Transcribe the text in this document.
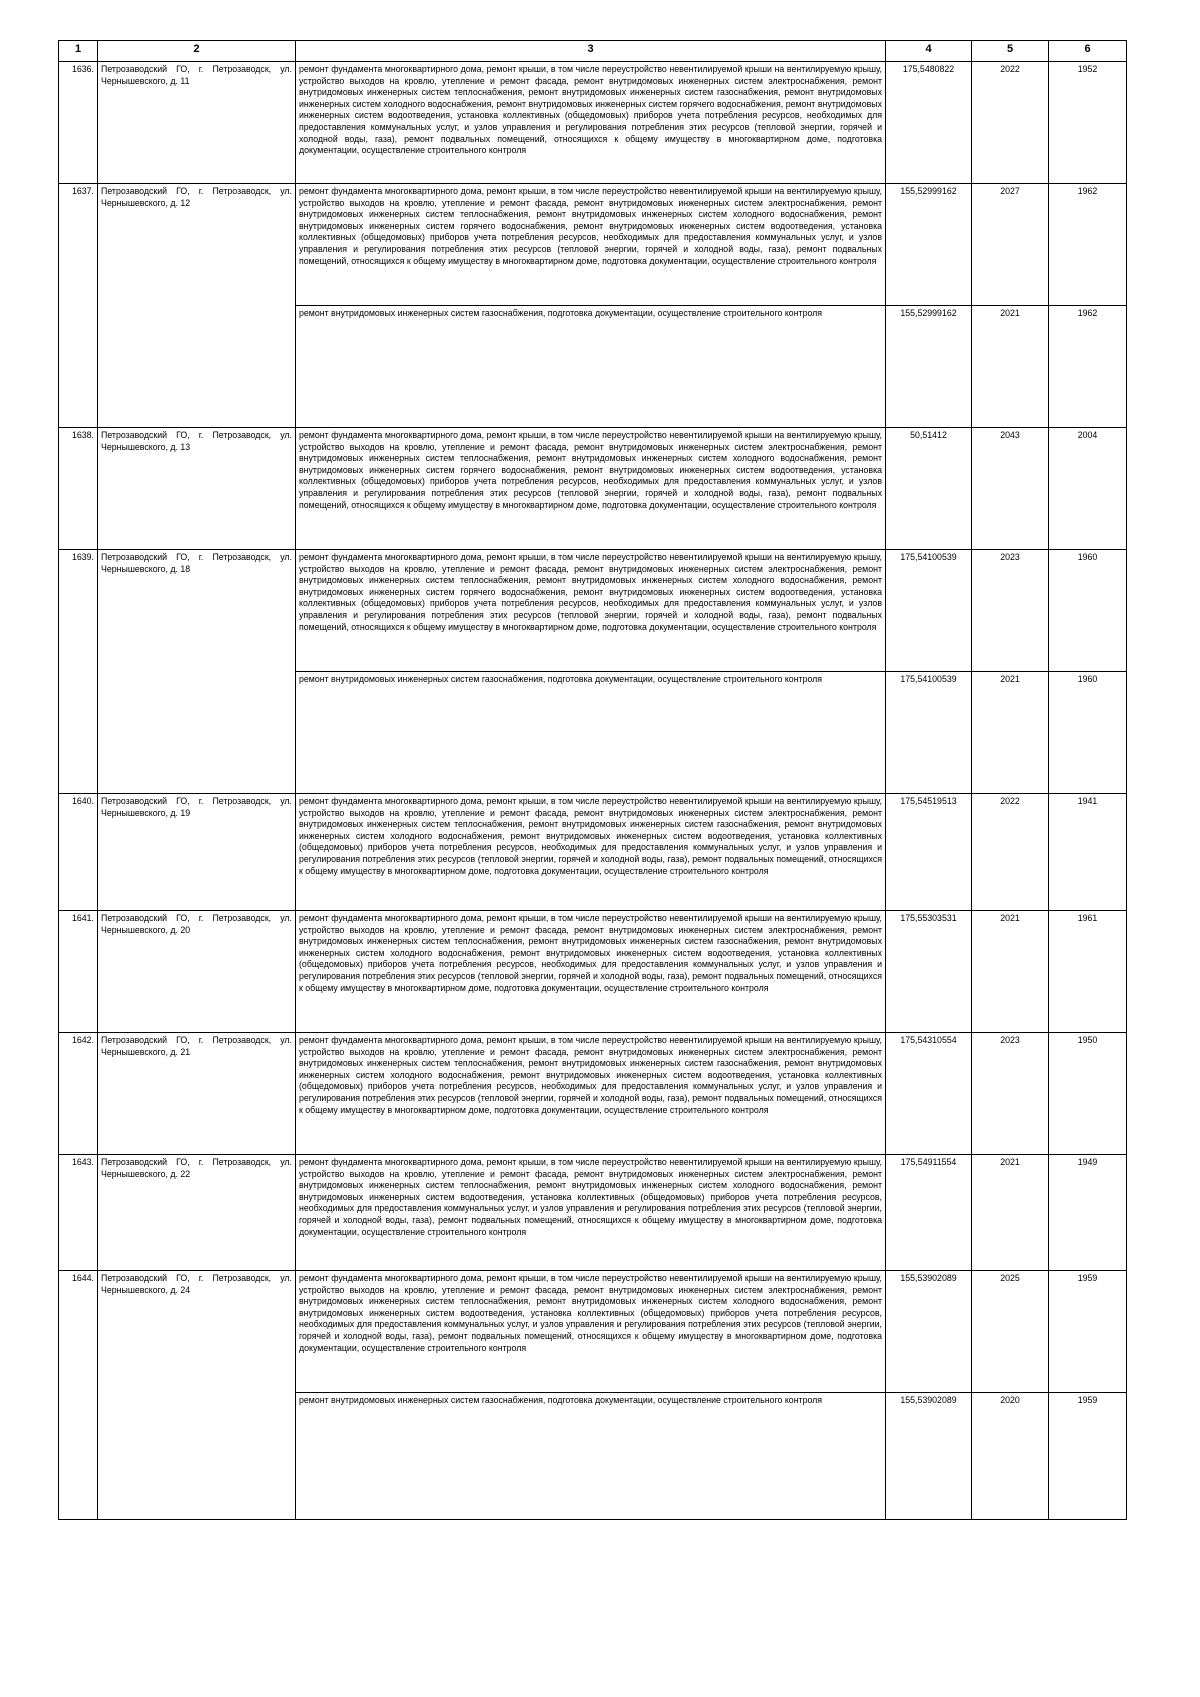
1	2	3	4	5	6
1636.	Петрозаводский ГО, г. Петрозаводск, ул. Чернышевского, д. 11	ремонт фундамента многоквартирного дома, ремонт крыши, в том числе переустройство невентилируемой крыши на вентилируемую крышу, устройство выходов на кровлю, утепление и ремонт фасада, ремонт внутридомовых инженерных систем электроснабжения, ремонт внутридомовых инженерных систем теплоснабжения, ремонт внутридомовых инженерных систем газоснабжения, ремонт внутридомовых инженерных систем холодного водоснабжения, ремонт внутридомовых инженерных систем горячего водоснабжения, ремонт внутридомовых инженерных систем водоотведения, установка коллективных (общедомовых) приборов учета потребления ресурсов, необходимых для предоставления коммунальных услуг, и узлов управления и регулирования потребления этих ресурсов (тепловой энергии, горячей и холодной воды, газа), ремонт подвальных помещений, относящихся к общему имуществу в многоквартирном доме, подготовка документации, осуществление строительного контроля	175,5480822	2022	1952
1637.	Петрозаводский ГО, г. Петрозаводск, ул. Чернышевского, д. 12	ремонт фундамента многоквартирного дома, ремонт крыши, в том числе переустройство невентилируемой крыши на вентилируемую крышу, устройство выходов на кровлю, утепление и ремонт фасада, ремонт внутридомовых инженерных систем электроснабжения, ремонт внутридомовых инженерных систем теплоснабжения, ремонт внутридомовых инженерных систем холодного водоснабжения, ремонт внутридомовых инженерных систем горячего водоснабжения, ремонт внутридомовых инженерных систем водоотведения, установка коллективных (общедомовых) приборов учета потребления ресурсов, необходимых для предоставления коммунальных услуг, и узлов управления и регулирования потребления этих ресурсов (тепловой энергии, горячей и холодной воды, газа), ремонт подвальных помещений, относящихся к общему имуществу в многоквартирном доме, подготовка документации, осуществление строительного контроля	155,52999162	2027	1962
		ремонт внутридомовых инженерных систем газоснабжения, подготовка документации, осуществление строительного контроля	155,52999162	2021	1962
1638.	Петрозаводский ГО, г. Петрозаводск, ул. Чернышевского, д. 13	ремонт фундамента многоквартирного дома, ремонт крыши, в том числе переустройство невентилируемой крыши на вентилируемую крышу, устройство выходов на кровлю, утепление и ремонт фасада, ремонт внутридомовых инженерных систем электроснабжения, ремонт внутридомовых инженерных систем теплоснабжения, ремонт внутридомовых инженерных систем холодного водоснабжения, ремонт внутридомовых инженерных систем горячего водоснабжения, ремонт внутридомовых инженерных систем водоотведения, установка коллективных (общедомовых) приборов учета потребления ресурсов, необходимых для предоставления коммунальных услуг, и узлов управления и регулирования потребления этих ресурсов (тепловой энергии, горячей и холодной воды, газа), ремонт подвальных помещений, относящихся к общему имуществу в многоквартирном доме, подготовка документации, осуществление строительного контроля	50,51412	2043	2004
1639.	Петрозаводский ГО, г. Петрозаводск, ул. Чернышевского, д. 18	ремонт фундамента многоквартирного дома, ремонт крыши, в том числе переустройство невентилируемой крыши на вентилируемую крышу, устройство выходов на кровлю, утепление и ремонт фасада, ремонт внутридомовых инженерных систем электроснабжения, ремонт внутридомовых инженерных систем теплоснабжения, ремонт внутридомовых инженерных систем холодного водоснабжения, ремонт внутридомовых инженерных систем горячего водоснабжения, ремонт внутридомовых инженерных систем водоотведения, установка коллективных (общедомовых) приборов учета потребления ресурсов, необходимых для предоставления коммунальных услуг, и узлов управления и регулирования потребления этих ресурсов (тепловой энергии, горячей и холодной воды, газа), ремонт подвальных помещений, относящихся к общему имуществу в многоквартирном доме, подготовка документации, осуществление строительного контроля	175,54100539	2023	1960
		ремонт внутридомовых инженерных систем газоснабжения, подготовка документации, осуществление строительного контроля	175,54100539	2021	1960
1640.	Петрозаводский ГО, г. Петрозаводск, ул. Чернышевского, д. 19	ремонт фундамента многоквартирного дома, ремонт крыши, в том числе переустройство невентилируемой крыши на вентилируемую крышу, устройство выходов на кровлю, утепление и ремонт фасада, ремонт внутридомовых инженерных систем электроснабжения, ремонт внутридомовых инженерных систем теплоснабжения, ремонт внутридомовых инженерных систем газоснабжения, ремонт внутридомовых инженерных систем холодного водоснабжения, ремонт внутридомовых инженерных систем водоотведения, установка коллективных (общедомовых) приборов учета потребления ресурсов, необходимых для предоставления коммунальных услуг, и узлов управления и регулирования потребления этих ресурсов (тепловой энергии, горячей и холодной воды, газа), ремонт подвальных помещений, относящихся к общему имуществу в многоквартирном доме, подготовка документации, осуществление строительного контроля	175,54519513	2022	1941
1641.	Петрозаводский ГО, г. Петрозаводск, ул. Чернышевского, д. 20	ремонт фундамента многоквартирного дома, ремонт крыши, в том числе переустройство невентилируемой крыши на вентилируемую крышу, устройство выходов на кровлю, утепление и ремонт фасада, ремонт внутридомовых инженерных систем электроснабжения, ремонт внутридомовых инженерных систем теплоснабжения, ремонт внутридомовых инженерных систем газоснабжения, ремонт внутридомовых инженерных систем холодного водоснабжения, ремонт внутридомовых инженерных систем водоотведения, установка коллективных (общедомовых) приборов учета потребления ресурсов, необходимых для предоставления коммунальных услуг, и узлов управления и регулирования потребления этих ресурсов (тепловой энергии, горячей и холодной воды, газа), ремонт подвальных помещений, относящихся к общему имуществу в многоквартирном доме, подготовка документации, осуществление строительного контроля	175,55303531	2021	1961
1642.	Петрозаводский ГО, г. Петрозаводск, ул. Чернышевского, д. 21	ремонт фундамента многоквартирного дома, ремонт крыши, в том числе переустройство невентилируемой крыши на вентилируемую крышу, устройство выходов на кровлю, утепление и ремонт фасада, ремонт внутридомовых инженерных систем электроснабжения, ремонт внутридомовых инженерных систем теплоснабжения, ремонт внутридомовых инженерных систем газоснабжения, ремонт внутридомовых инженерных систем холодного водоснабжения, ремонт внутридомовых инженерных систем водоотведения, установка коллективных (общедомовых) приборов учета потребления ресурсов, необходимых для предоставления коммунальных услуг, и узлов управления и регулирования потребления этих ресурсов (тепловой энергии, горячей и холодной воды, газа), ремонт подвальных помещений, относящихся к общему имуществу в многоквартирном доме, подготовка документации, осуществление строительного контроля	175,54310554	2023	1950
1643.	Петрозаводский ГО, г. Петрозаводск, ул. Чернышевского, д. 22	ремонт фундамента многоквартирного дома, ремонт крыши, в том числе переустройство невентилируемой крыши на вентилируемую крышу, устройство выходов на кровлю, утепление и ремонт фасада, ремонт внутридомовых инженерных систем электроснабжения, ремонт внутридомовых инженерных систем теплоснабжения, ремонт внутридомовых инженерных систем холодного водоснабжения, ремонт внутридомовых инженерных систем водоотведения, установка коллективных (общедомовых) приборов учета потребления ресурсов, необходимых для предоставления коммунальных услуг, и узлов управления и регулирования потребления этих ресурсов (тепловой энергии, горячей и холодной воды, газа), ремонт подвальных помещений, относящихся к общему имуществу в многоквартирном доме, подготовка документации, осуществление строительного контроля	175,54911554	2021	1949
1644.	Петрозаводский ГО, г. Петрозаводск, ул. Чернышевского, д. 24	ремонт фундамента многоквартирного дома, ремонт крыши, в том числе переустройство невентилируемой крыши на вентилируемую крышу, устройство выходов на кровлю, утепление и ремонт фасада, ремонт внутридомовых инженерных систем электроснабжения, ремонт внутридомовых инженерных систем теплоснабжения, ремонт внутридомовых инженерных систем холодного водоснабжения, ремонт внутридомовых инженерных систем водоотведения, установка коллективных (общедомовых) приборов учета потребления ресурсов, необходимых для предоставления коммунальных услуг, и узлов управления и регулирования потребления этих ресурсов (тепловой энергии, горячей и холодной воды, газа), ремонт подвальных помещений, относящихся к общему имуществу в многоквартирном доме, подготовка документации, осуществление строительного контроля	155,53902089	2025	1959
		ремонт внутридомовых инженерных систем газоснабжения, подготовка документации, осуществление строительного контроля	155,53902089	2020	1959
